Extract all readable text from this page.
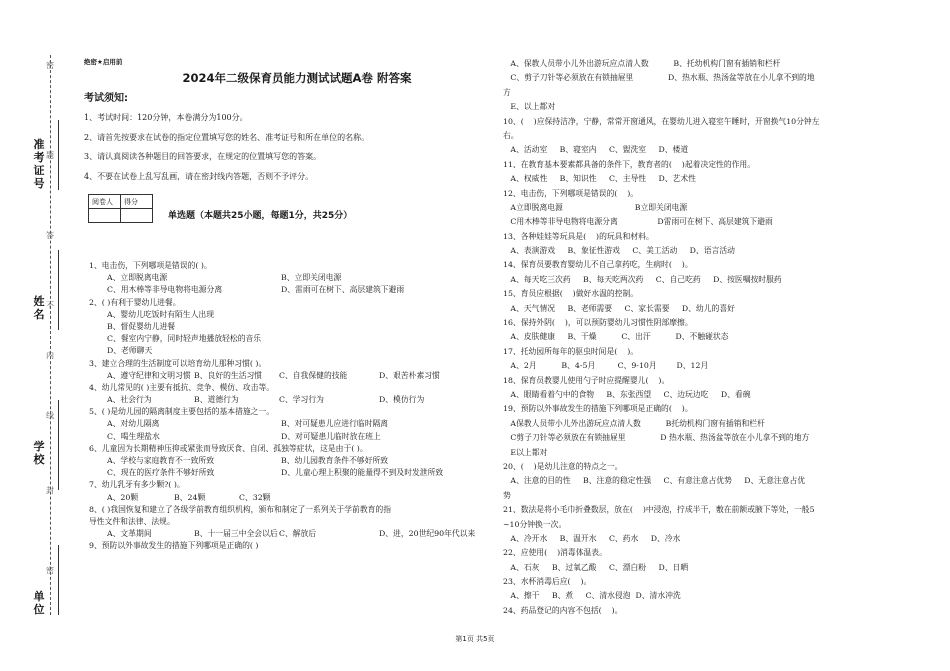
准考证号
姓名
学校
单位
密
题
答
不
内
线
封
密
绝密★启用前
2024年二级保育员能力测试试题A卷 附答案
考试须知:
1、考试时间：120分钟，本卷满分为100分。
2、请首先按要求在试卷的指定位置填写您的姓名、准考证号和所在单位的名称。
3、请认真阅读各种题目的回答要求，在规定的位置填写您的答案。
4、不要在试卷上乱写乱画，请在密封线内答题，否则不予评分。
阅卷人	得分

单选题（本题共25小题，每题1分，共25分）
1、电击伤，下列哪项是错误的( )。
A、立即脱离电源	B、立即关闭电源
C、用木棒等非导电物将电源分离	D、雷雨可在树下、高层建筑下避雨
2、( )有利于婴幼儿进餐。
A、婴幼儿吃饭时有陌生人出现
B、督促婴幼儿进餐
C、餐室内宁静，同时轻声地播放轻松的音乐
D、老师聊天
3、建立合理的生活制度可以培育幼儿那种习惯( )。
A、遵守纪律和文明习惯 B、良好的生活习惯 C、自我保健的技能	D、艰苦朴素习惯
4、幼儿常见的( )主要有抵抗、竞争、模仿、攻击等。
A、社会行为	B、道德行为	C、学习行为	D、模仿行为
5、( )是幼儿园的隔离制度主要包括的基本措施之一。
A、对幼儿隔离	B、对可疑患儿应进行临时隔离
C、喝生理盐水	D、对可疑患儿临时放在班上
6、儿童因为长期精神压抑或紧张而导致厌食、自闭、孤独等症状，这是由于( )。
A、学校与家庭教育不一致所致	B、幼儿园教育条件不够好所致
C、现在的医疗条件不够好所致	D、儿童心理上积聚的能量得不到及时发泄所致
7、幼儿乳牙有多少颗?( )。
A、20颗	B、24颗	C、32颗
8、( )我国恢复和建立了各级学前教育组织机构，颁布和制定了一系列关于学前教育的指
导性文件和法律、法规。
A、文革期间	B、十一届三中全会以后 C、解放后	D、进，20世纪90年代以来
9、预防以外事故发生的措施下列哪项是正确的( )
A、保教人员带小儿外出游玩应点清人数          B、托幼机构门窗有插销和栏杆
C、剪子刀针等必须放在有锁抽屉里              D、热水瓶、热汤盆等放在小儿拿不到的地
方
E、以上都对
10、(    )应保持洁净，宁静，常常开窗通风，在婴幼儿进入寝室午睡时，开窗换气10分钟左
右。
A、活动室     B、寝室内     C、盥洗室     D、楼道
11、在教育基本要素都具备的条件下，教育者的(    )起着决定性的作用。
A、权威性     B、知识性     C、主导性     D、艺术性
12、电击伤，下列哪项是错误的(    )。
A立即脱离电源                             B立即关闭电源
C用木棒等非导电物将电源分离                D雷雨可在树下、高层建筑下避雨
13、各种娃娃等玩具是(    )的玩具和材料。
A、表演游戏     B、象征性游戏     C、美工活动     D、语言活动
14、保育员要教育婴幼儿不自己拿药吃，生病时(    )。
A、每天吃三次药     B、每天吃两次药     C、自己吃药     D、按医嘱按时服药
15、育员应根据(    )做好水温的控制。
A、天气情况     B、老师需要     C、家长需要     D、幼儿的喜好
16、保持外阴(    )，可以预防婴幼儿习惯性阴部摩擦。
A、皮肤健康     B、干燥          C、出汗          D、不触碰状态
17、托幼园所每年的驱虫时间是(    )。
A、2月          B、4-5月         C、9-10月        D、12月
18、保育员教婴儿使用勺子时应提醒婴儿(    )。
A、眼睛看着勺中的食物     B、东张西望     C、边玩边吃     D、看碗
19、预防以外事故发生的措施下列哪项是正确的(    )。
A保教人员带小儿外出游玩应点清人数          B托幼机构门窗有插销和栏杆
C剪子刀针等必须放在有锁抽屉里              D 热水瓶、热汤盆等放在小儿拿不到的地方
E以上都对
20、(    )是幼儿注意的特点之一。
A、注意的目的性     B、注意的稳定性强     C、有意注意占优势     D、无意注意占优
势
21、数法是将小毛巾折叠数层，放在(    )中浸泡，拧成半干，敷在前额或腋下等处，一般5
~10分钟换一次。
A、冷开水     B、温开水     C、药水     D、冷水
22、应使用(    )消毒体温表。
A、石灰     B、过氧乙酸     C、漂白粉     D、日晒
23、水杯消毒后应(    )。
A、擦干     B、煮     C、清水侵泡  D、清水冲洗
24、药品登记的内容不包括(    )。
第1页 共5页
